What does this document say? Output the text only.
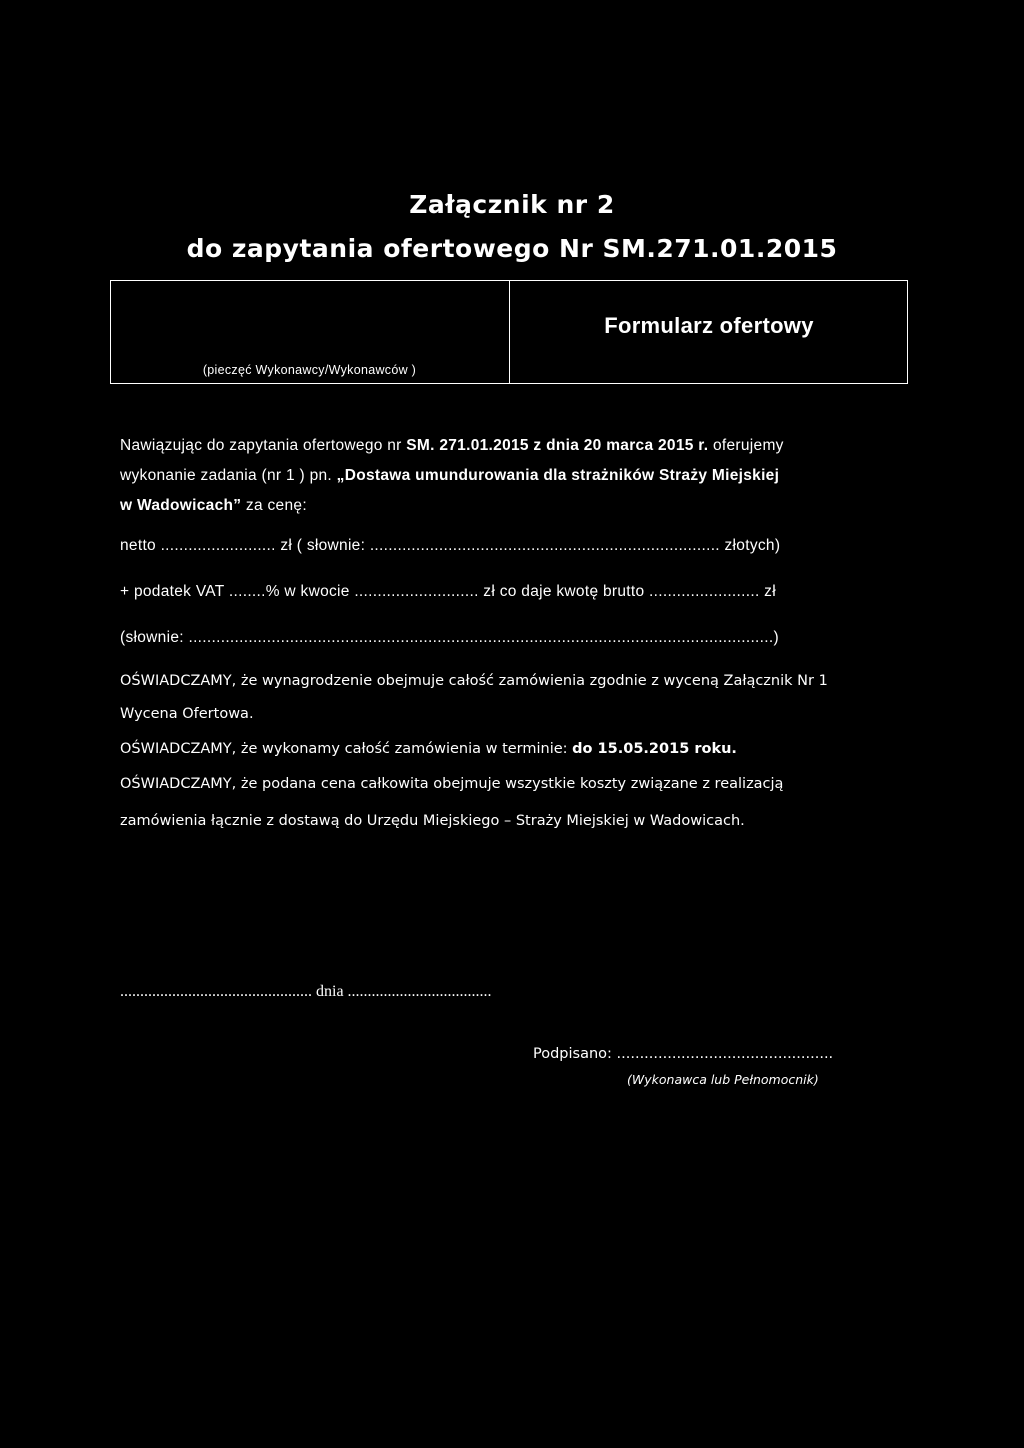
Załącznik nr 2
do zapytania ofertowego Nr SM.271.01.2015
(pieczęć Wykonawcy/Wykonawców )
Formularz ofertowy
Nawiązując do zapytania ofertowego nr SM. 271.01.2015 z dnia 20 marca 2015 r. oferujemy
wykonanie zadania (nr 1 ) pn. „Dostawa umundurowania dla strażników Straży Miejskiej
w Wadowicach” za cenę:
netto ......................... zł ( słownie: ............................................................................ złotych)
+ podatek VAT ........% w kwocie ........................... zł co daje kwotę brutto ........................ zł
(słownie: ...............................................................................................................................)
OŚWIADCZAMY, że wynagrodzenie obejmuje całość zamówienia zgodnie z wyceną Załącznik Nr 1
Wycena Ofertowa.
OŚWIADCZAMY, że wykonamy całość zamówienia w terminie: do 15.05.2015 roku.
OŚWIADCZAMY, że podana cena całkowita obejmuje wszystkie koszty związane z realizacją
zamówienia łącznie z dostawą do Urzędu Miejskiego – Straży Miejskiej w Wadowicach.
................................................ dnia ....................................
Podpisano: ...............................................
(Wykonawca lub Pełnomocnik)
